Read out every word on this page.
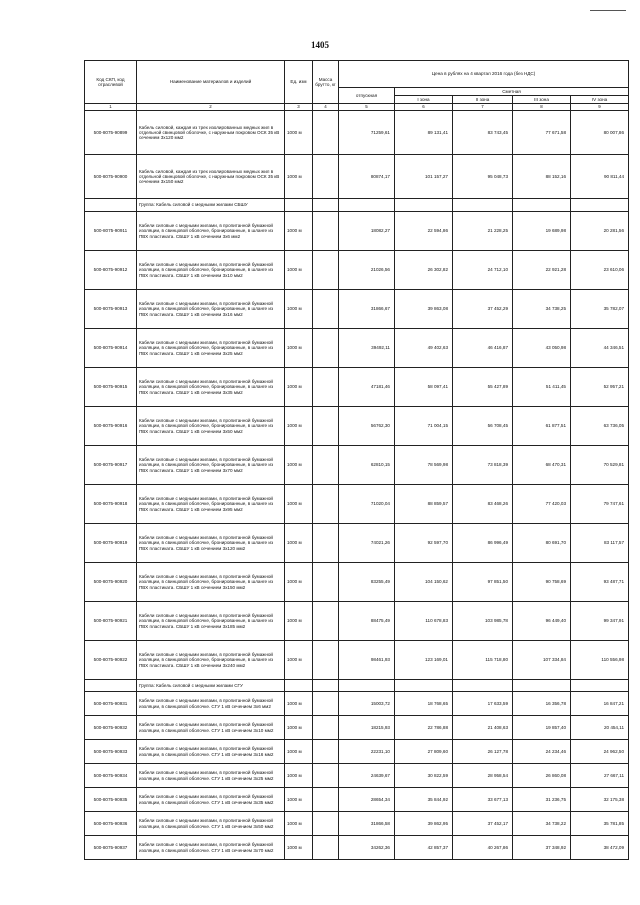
1405
Код СКП, код отраслевой	Наименование материалов и изделий	Ед. изм	Масса брутто, кг	Цена в рублях на 4 квартал 2016 года (без НДС)				
				отпускная	Сметная			
					I зона	II зона	III зона	IV зона
1	2	3	4	5	6	7	8	9
500-8075-90899	Кабель силовой, каждая из трех изолированных медных жил в отдельной свинцовой оболочке, с наружным покровом ОСК 35 кВ сечением 3х120 мм2	1000 м		71259,61	89 131,41	83 743,45	77 671,58	80 007,86
500-8075-90900	Кабель силовой, каждая из трех изолированных медных жил в отдельной свинцовой оболочке, с наружным покровом ОСК 35 кВ сечением 3х150 мм2	1000 м		80874,17	101 157,27	95 048,73	88 152,16	90 811,44
	Группа: Кабель силовой с медными жилами СБШУ							
500-8075-90911	Кабели силовые с медными жилами, в пропитанной бумажной изоляции, в свинцовой оболочке, бронированные, в шланге из ПВХ пластиката. СБШУ 1 кВ сечением 3х6 мм2	1000 м		18082,27	22 594,86	21 228,25	19 689,98	20 281,56
500-8075-90912	Кабели силовые с медными жилами, в пропитанной бумажной изоляции, в свинцовой оболочке, бронированные, в шланге из ПВХ пластиката. СБШУ 1 кВ сечением 3х10 мм2	1000 м		21026,56	26 302,82	24 712,10	22 921,28	23 610,06
500-8075-90913	Кабели силовые с медными жилами, в пропитанной бумажной изоляции, в свинцовой оболочке, бронированные, в шланге из ПВХ пластиката. СБШУ 1 кВ сечением 3х16 мм2	1000 м		31866,67	39 863,08	37 452,29	34 738,25	35 782,07
500-8075-90914	Кабели силовые с медными жилами, в пропитанной бумажной изоляции, в свинцовой оболочке, бронированные, в шланге из ПВХ пластиката. СБШУ 1 кВ сечением 3х25 мм2	1000 м		39492,11	49 402,63	46 416,87	43 050,98	44 346,51
500-8075-90915	Кабели силовые с медными жилами, в пропитанной бумажной изоляции, в свинцовой оболочке, бронированные, в шланге из ПВХ пластиката. СБШУ 1 кВ сечением 3х35 мм2	1000 м		47181,46	58 097,41	55 427,89	51 411,45	52 957,21
500-8075-90916	Кабели силовые с медными жилами, в пропитанной бумажной изоляции, в свинцовой оболочке, бронированные, в шланге из ПВХ пластиката. СБШУ 1 кВ сечением 3х50 мм2	1000 м		56762,30	71 004,15	56 708,45	61 877,51	63 736,05
500-8075-90917	Кабели силовые с медными жилами, в пропитанной бумажной изоляции, в свинцовой оболочке, бронированные, в шланге из ПВХ пластиката. СБШУ 1 кВ сечением 3х70 мм2	1000 м		62810,15	78 569,98	73 818,39	68 470,31	70 529,81
500-8075-90918	Кабели силовые с медными жилами, в пропитанной бумажной изоляции, в свинцовой оболочке, бронированные, в шланге из ПВХ пластиката. СБШУ 1 кВ сечением 3х95 мм2	1000 м		71020,04	88 859,57	83 468,26	77 420,03	79 747,61
500-8075-90919	Кабели силовые с медными жилами, в пропитанной бумажной изоляции, в свинцовой оболочке, бронированные, в шланге из ПВХ пластиката. СБШУ 1 кВ сечением 3х120 мм2	1000 м		74021,26	92 597,70	86 996,49	80 691,70	83 117,57
500-8075-90920	Кабели силовые с медными жилами, в пропитанной бумажной изоляции, в свинцовой оболочке, бронированные, в шланге из ПВХ пластиката. СБШУ 1 кВ сечением 3х150 мм2	1000 м		83255,49	104 150,62	97 851,50	90 758,69	93 487,71
500-8075-90921	Кабели силовые с медными жилами, в пропитанной бумажной изоляции, в свинцовой оболочке, бронированные, в шланге из ПВХ пластиката. СБШУ 1 кВ сечением 3х185 мм2	1000 м		88475,49	110 678,83	103 985,78	96 449,40	99 347,91
500-8075-90922	Кабели силовые с медными жилами, в пропитанной бумажной изоляции, в свинцовой оболочке, бронированные, в шланге из ПВХ пластиката. СБШУ 1 кВ сечением 3х240 мм2	1000 м		98461,93	123 169,01	115 718,80	107 334,84	110 556,98
	Группа: Кабель силовой с медными жилами СГУ							
500-8075-90931	Кабели силовые с медными жилами, в пропитанной бумажной изоляции, в свинцовой оболочке. СГУ 1 кВ сечением 3х6 мм2	1000 м		15003,72	18 768,65	17 633,59	16 356,78	16 847,21
500-8075-90932	Кабели силовые с медными жилами, в пропитанной бумажной изоляции, в свинцовой оболочке. СГУ 1 кВ сечением 3х10 мм2	1000 м		18215,93	22 786,88	21 408,63	19 857,40	20 454,11
500-8075-90933	Кабели силовые с медными жилами, в пропитанной бумажной изоляции, в свинцовой оболочке. СГУ 1 кВ сечением 3х16 мм2	1000 м		22231,10	27 809,60	26 127,78	24 234,46	24 962,50
500-8075-90934	Кабели силовые с медными жилами, в пропитанной бумажной изоляции, в свинцовой оболочке. СГУ 1 кВ сечением 3х25 мм2	1000 м		24639,67	30 822,59	28 958,54	26 860,08	27 667,11
500-8075-90935	Кабели силовые с медными жилами, в пропитанной бумажной изоляции, в свинцовой оболочке. СГУ 1 кВ сечением 3х35 мм2	1000 м		28654,34	35 844,92	33 677,13	31 236,75	32 175,38
500-8075-90936	Кабели силовые с медными жилами, в пропитанной бумажной изоляции, в свинцовой оболочке. СГУ 1 кВ сечением 3х50 мм2	1000 м		31866,58	39 862,95	37 452,17	34 738,22	35 781,85
500-8075-90937	Кабели силовые с медными жилами, в пропитанной бумажной изоляции, в свинцовой оболочке. СГУ 1 кВ сечением 3х70 мм2	1000 м		34262,36	42 857,37	40 267,86	37 348,92	38 472,09
